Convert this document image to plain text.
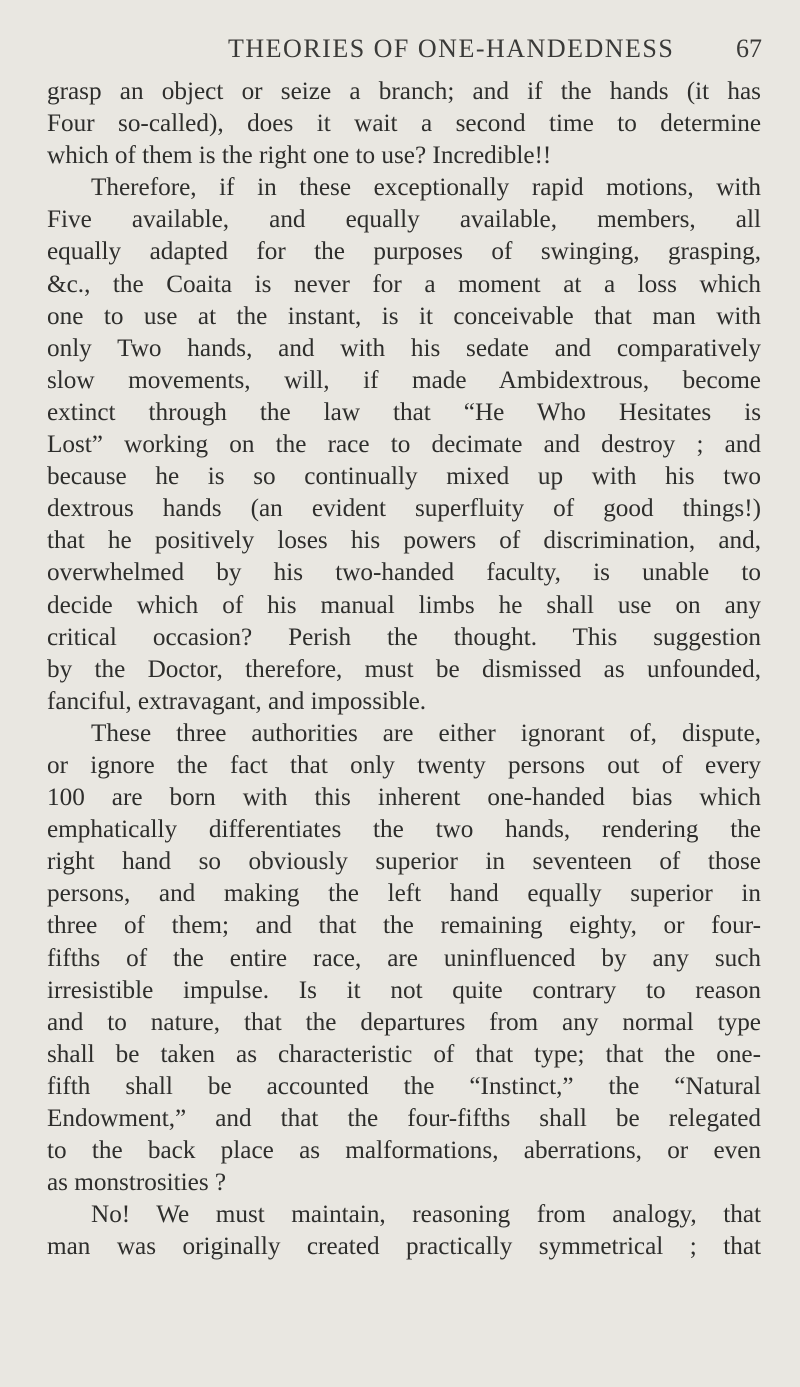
THEORIES OF ONE-HANDEDNESS	67
grasp an object or seize a branch; and if the hands (it has
Four so-called), does it wait a second time to determine
which of them is the right one to use? Incredible!!
Therefore, if in these exceptionally rapid motions, with
Five available, and equally available, members, all
equally adapted for the purposes of swinging, grasping,
&c., the Coaita is never for a moment at a loss which
one to use at the instant, is it conceivable that man with
only Two hands, and with his sedate and comparatively
slow movements, will, if made Ambidextrous, become
extinct through the law that “He Who Hesitates is
Lost” working on the race to decimate and destroy ; and
because he is so continually mixed up with his two
dextrous hands (an evident superfluity of good things!)
that he positively loses his powers of discrimination, and,
overwhelmed by his two-handed faculty, is unable to
decide which of his manual limbs he shall use on any
critical occasion? Perish the thought. This suggestion
by the Doctor, therefore, must be dismissed as unfounded,
fanciful, extravagant, and impossible.
These three authorities are either ignorant of, dispute,
or ignore the fact that only twenty persons out of every
100 are born with this inherent one-handed bias which
emphatically differentiates the two hands, rendering the
right hand so obviously superior in seventeen of those
persons, and making the left hand equally superior in
three of them; and that the remaining eighty, or four-
fifths of the entire race, are uninfluenced by any such
irresistible impulse. Is it not quite contrary to reason
and to nature, that the departures from any normal type
shall be taken as characteristic of that type; that the one-
fifth shall be accounted the “Instinct,” the “Natural
Endowment,” and that the four-fifths shall be relegated
to the back place as malformations, aberrations, or even
as monstrosities ?
No! We must maintain, reasoning from analogy, that
man was originally created practically symmetrical ; that
